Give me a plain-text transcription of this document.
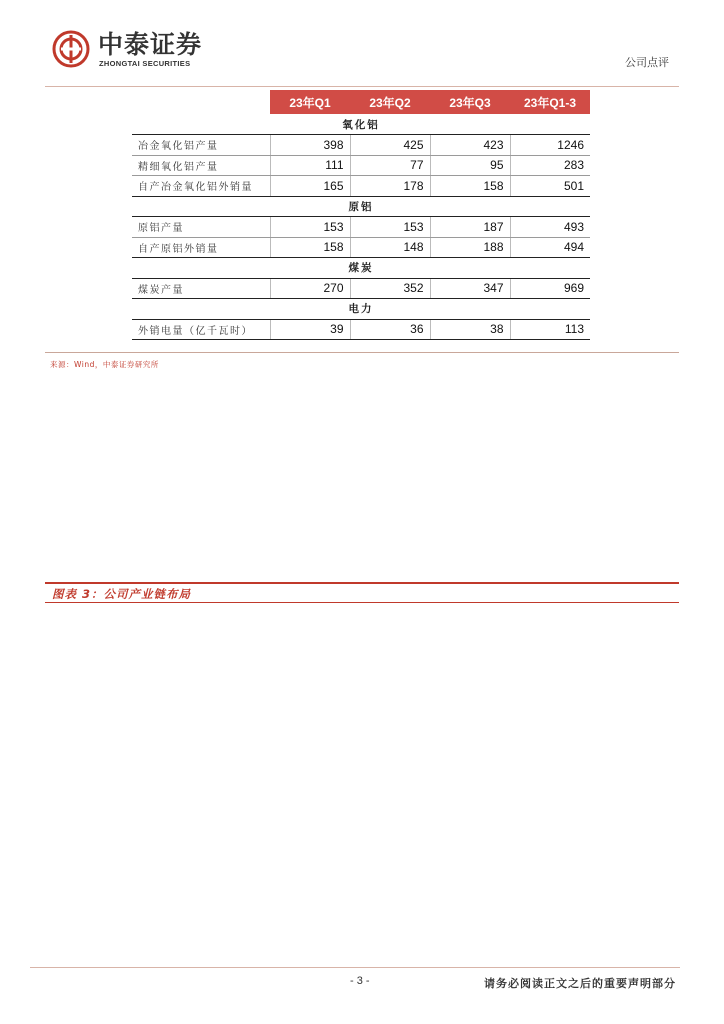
中泰证券
ZHONGTAI SECURITIES	公司点评
	23年Q1	23年Q2	23年Q3	23年Q1-3
氧化铝				
冶金氧化铝产量	398	425	423	1246
精细氧化铝产量	111	77	95	283
自产冶金氧化铝外销量	165	178	158	501
原铝				
原铝产量	153	153	187	493
自产原铝外销量	158	148	188	494
煤炭				
煤炭产量	270	352	347	969
电力				
外销电量（亿千瓦时）	39	36	38	113
来源：Wind，中泰证券研究所
图表 3：公司产业链布局
- 3 -	请务必阅读正文之后的重要声明部分
